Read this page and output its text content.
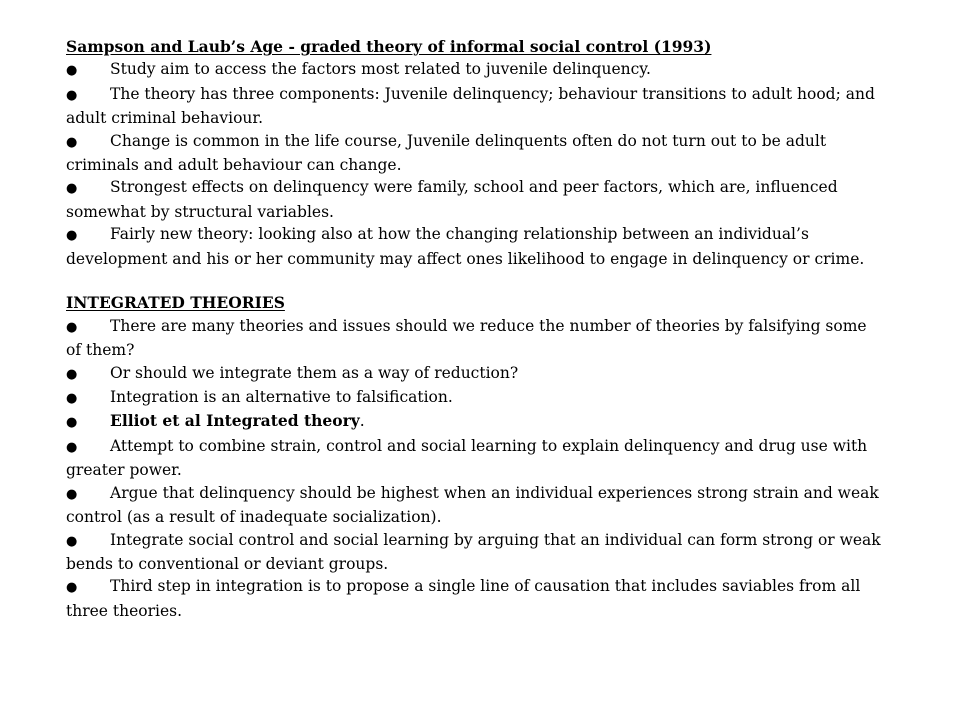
Sampson and Laub’s Age - graded theory of informal social control (1993)
● Study aim to access the factors most related to juvenile delinquency.
● The theory has three components: Juvenile delinquency; behaviour transitions to adult hood; and adult criminal behaviour.
● Change is common in the life course, Juvenile delinquents often do not turn out to be adult criminals and adult behaviour can change.
● Strongest effects on delinquency were family, school and peer factors, which are, influenced somewhat by structural variables.
● Fairly new theory: looking also at how the changing relationship between an individual’s development and his or her community may affect ones likelihood to engage in delinquency or crime.
INTEGRATED THEORIES
● There are many theories and issues should we reduce the number of theories by falsifying some of them?
● Or should we integrate them as a way of reduction?
● Integration is an alternative to falsification.
● Elliot et al Integrated theory.
● Attempt to combine strain, control and social learning to explain delinquency and drug use with greater power.
● Argue that delinquency should be highest when an individual experiences strong strain and weak control (as a result of inadequate socialization).
● Integrate social control and social learning by arguing that an individual can form strong or weak bends to conventional or deviant groups.
● Third step in integration is to propose a single line of causation that includes saviables from all three theories.
